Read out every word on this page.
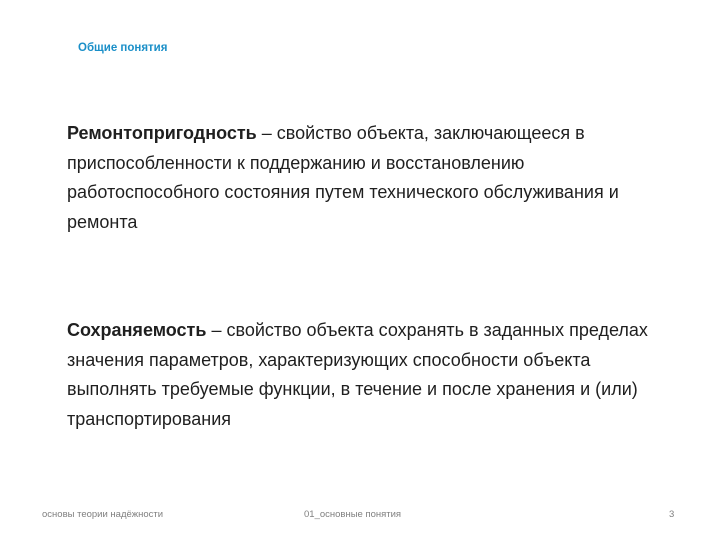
Общие понятия
Ремонтопригодность – свойство объекта, заключающееся в приспособленности к поддержанию и восстановлению работоспособного состояния путем технического обслуживания и ремонта
Сохраняемость – свойство объекта сохранять в заданных пределах значения параметров, характеризующих способности объекта выполнять требуемые функции, в течение и после хранения и (или) транспортирования
основы теории надёжности	01_основные понятия	3
